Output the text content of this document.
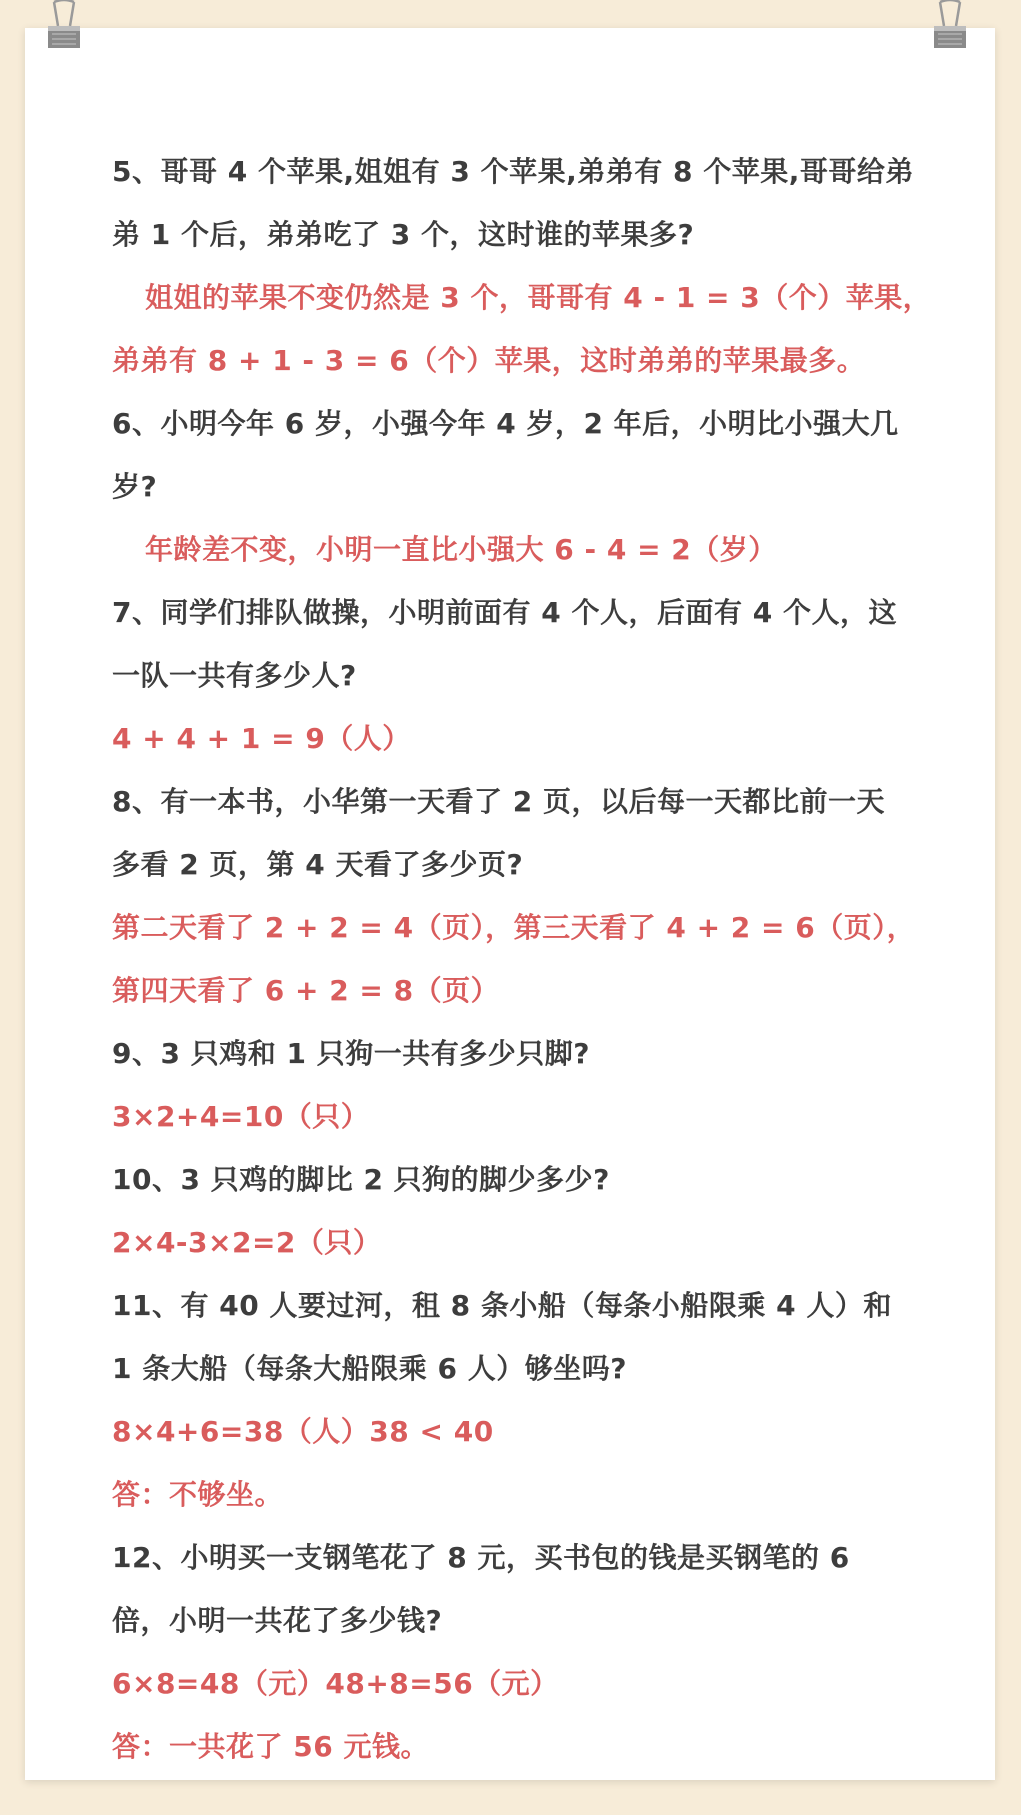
5、哥哥 4 个苹果,姐姐有 3 个苹果,弟弟有 8 个苹果,哥哥给弟
弟 1 个后，弟弟吃了 3 个，这时谁的苹果多?
姐姐的苹果不变仍然是 3 个，哥哥有 4 - 1 = 3（个）苹果，
弟弟有 8 + 1 - 3 = 6（个）苹果，这时弟弟的苹果最多。
6、小明今年 6 岁，小强今年 4 岁，2 年后，小明比小强大几
岁?
年龄差不变，小明一直比小强大 6 - 4 = 2（岁）
7、同学们排队做操，小明前面有 4 个人，后面有 4 个人，这
一队一共有多少人?
4 + 4 + 1 = 9（人）
8、有一本书，小华第一天看了 2 页，以后每一天都比前一天
多看 2 页，第 4 天看了多少页?
第二天看了 2 + 2 = 4（页），第三天看了 4 + 2 = 6（页），
第四天看了 6 + 2 = 8（页）
9、3 只鸡和 1 只狗一共有多少只脚?
3×2+4=10（只）
10、3 只鸡的脚比 2 只狗的脚少多少?
2×4-3×2=2（只）
11、有 40 人要过河，租 8 条小船（每条小船限乘 4 人）和
1 条大船（每条大船限乘 6 人）够坐吗?
8×4+6=38（人）38 < 40
答：不够坐。
12、小明买一支钢笔花了 8 元，买书包的钱是买钢笔的 6
倍，小明一共花了多少钱?
6×8=48（元）48+8=56（元）
答：一共花了 56 元钱。
